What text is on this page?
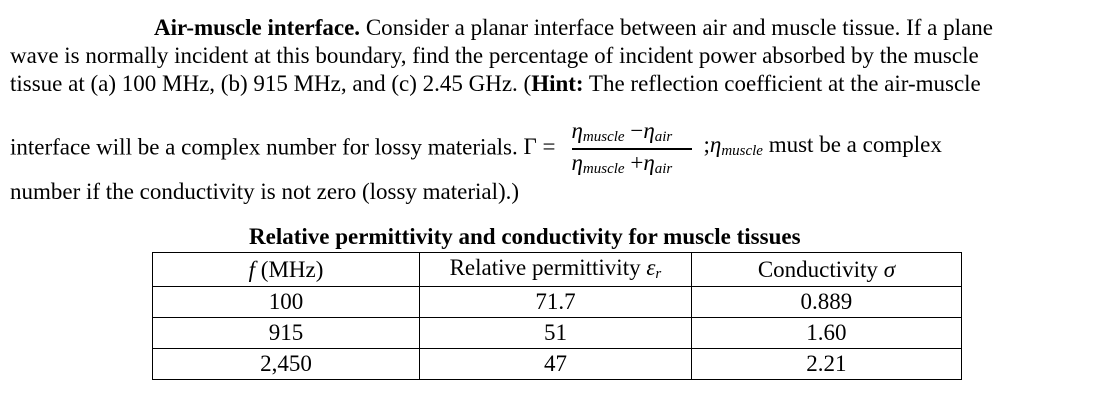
Air-muscle interface. Consider a planar interface between air and muscle tissue. If a plane
wave is normally incident at this boundary, find the percentage of incident power absorbed by the muscle
tissue at (a) 100 MHz, (b) 915 MHz, and (c) 2.45 GHz. (Hint: The reflection coefficient at the air-muscle
interface will be a complex number for lossy materials. Γ =
ηmuscle −ηair
ηmuscle +ηair
;ηmuscle must be a complex
number if the conductivity is not zero (lossy material).)
Relative permittivity and conductivity for muscle tissues
f (MHz)	Relative permittivity εr	Conductivity σ
100	71.7	0.889
915	51	1.60
2,450	47	2.21
